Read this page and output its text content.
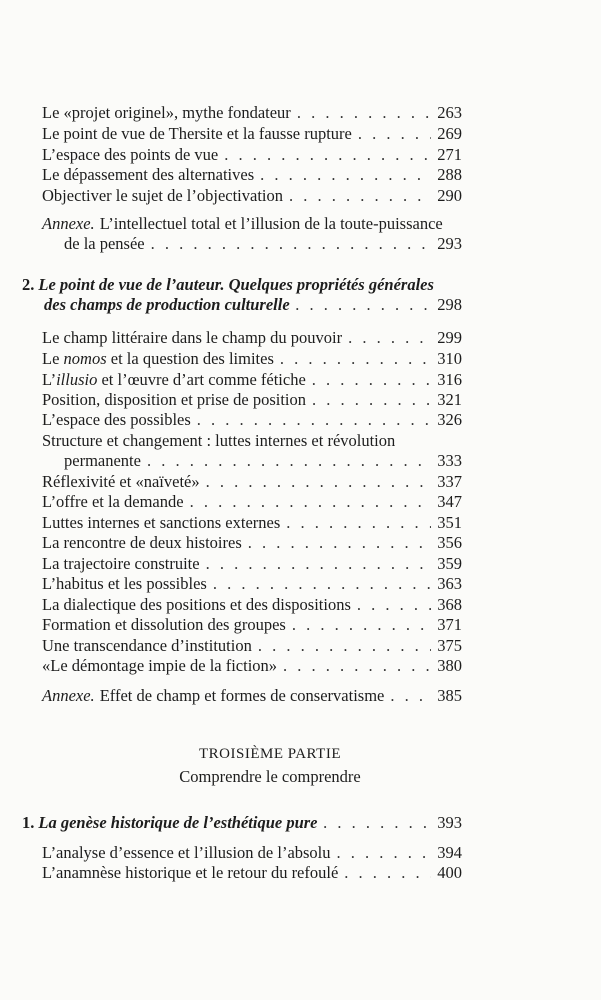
Le «projet originel», mythe fondateur . . .	263
Le point de vue de Thersite et la fausse rupture . . .	269
L’espace des points de vue . . .	271
Le dépassement des alternatives . . .	288
Objectiver le sujet de l’objectivation . . .	290
Annexe. L’intellectuel total et l’illusion de la toute-puissance
de la pensée . . .	293
2. Le point de vue de l’auteur. Quelques propriétés générales
des champs de production culturelle . . .	298
Le champ littéraire dans le champ du pouvoir . . .	299
Le nomos et la question des limites . . .	310
L’illusio et l’œuvre d’art comme fétiche . . .	316
Position, disposition et prise de position . . .	321
L’espace des possibles . . .	326
Structure et changement : luttes internes et révolution
permanente . . .	333
Réflexivité et «naïveté» . . .	337
L’offre et la demande . . .	347
Luttes internes et sanctions externes . . .	351
La rencontre de deux histoires . . .	356
La trajectoire construite . . .	359
L’habitus et les possibles . . .	363
La dialectique des positions et des dispositions . . .	368
Formation et dissolution des groupes . . .	371
Une transcendance d’institution . . .	375
«Le démontage impie de la fiction» . . .	380
Annexe. Effet de champ et formes de conservatisme . . .	385
TROISIÈME PARTIE
Comprendre le comprendre
1. La genèse historique de l’esthétique pure . . .	393
L’analyse d’essence et l’illusion de l’absolu . . .	394
L’anamnèse historique et le retour du refoulé . . .	400
